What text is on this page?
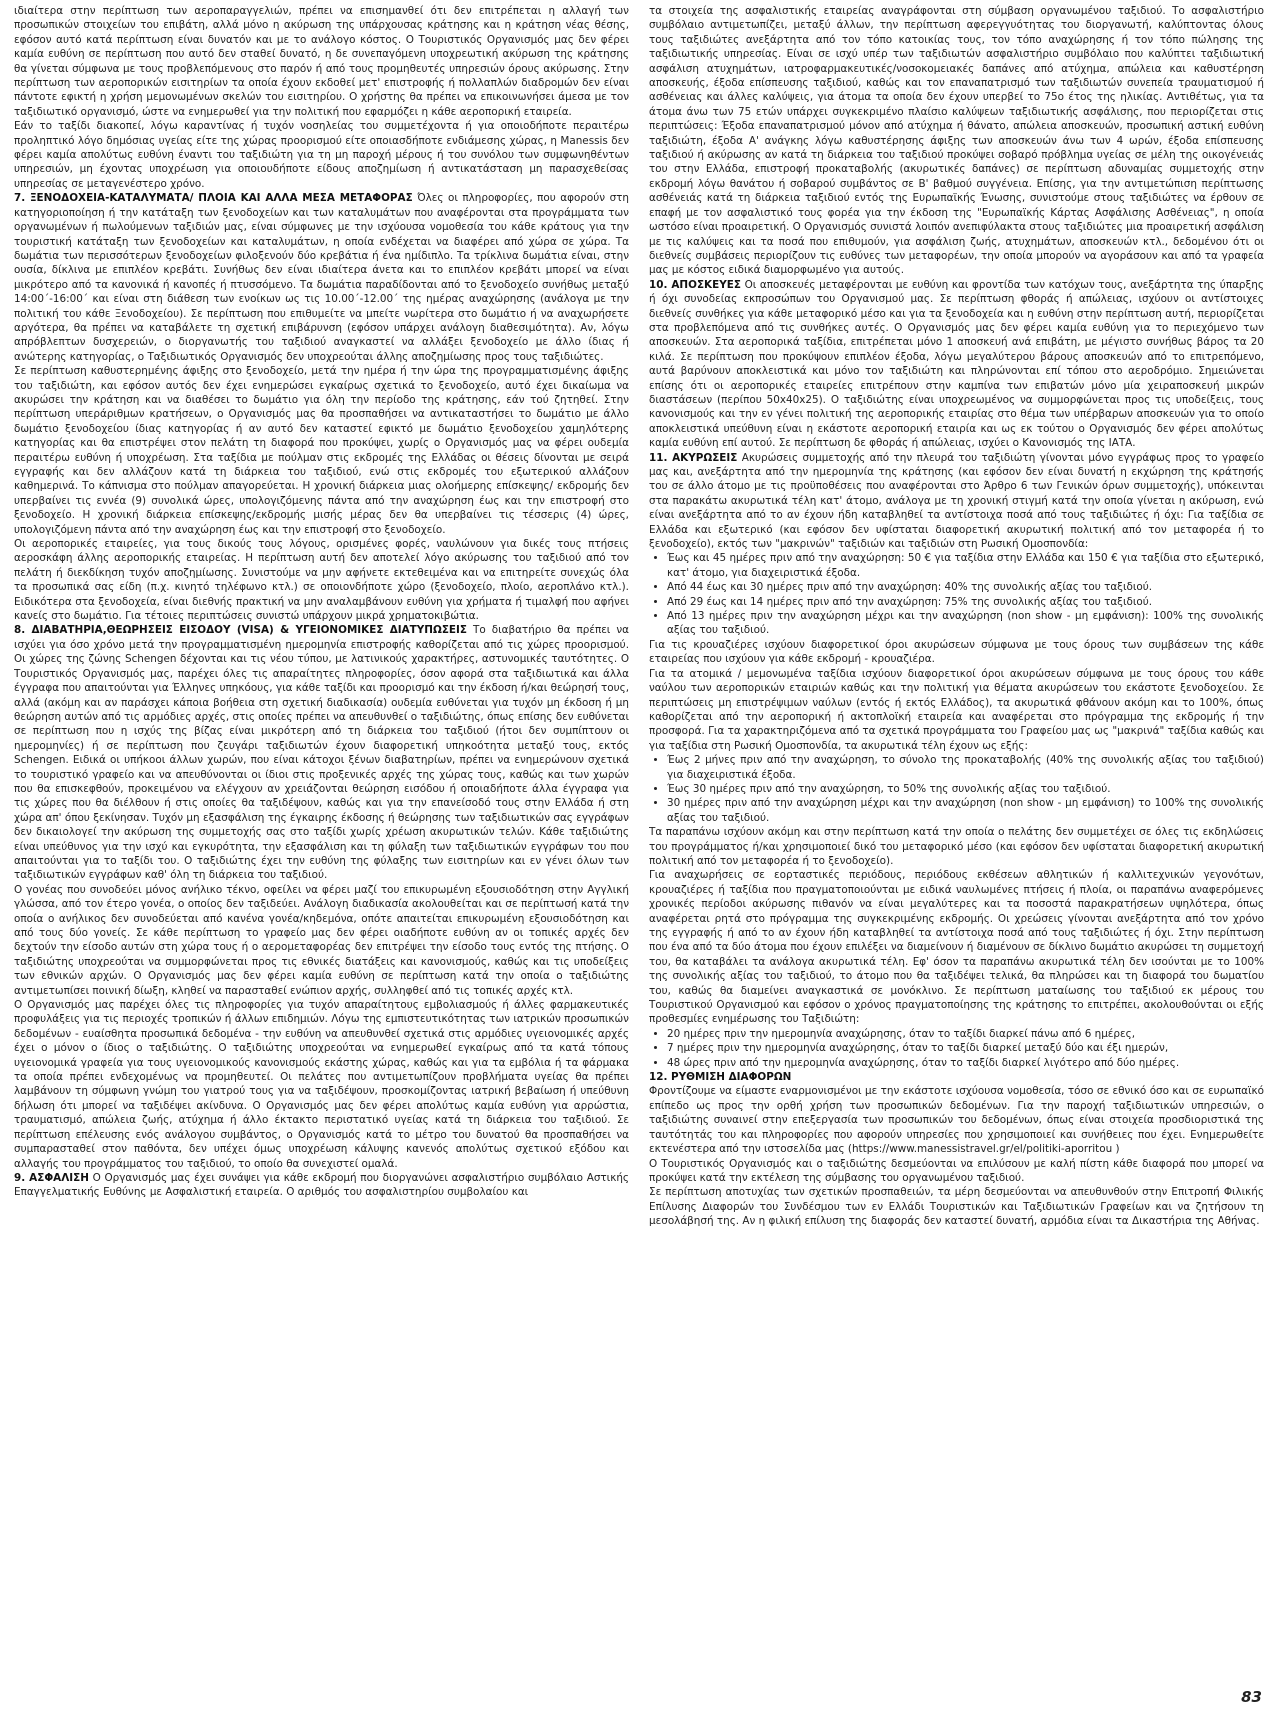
ιδιαίτερα στην περίπτωση των αεροπαραγγελιών, πρέπει να επισημανθεί ότι δεν επιτρέπεται η αλλαγή των προσωπικών στοιχείων του επιβάτη, αλλά μόνο η ακύρωση της υπάρχουσας κράτησης και η κράτηση νέας θέσης, εφόσον αυτό κατά περίπτωση είναι δυνατόν και με το ανάλογο κόστος. Ο Τουριστικός Οργανισμός μας δεν φέρει καμία ευθύνη σε περίπτωση που αυτό δεν σταθεί δυνατό, η δε συνεπαγόμενη υποχρεωτική ακύρωση της κράτησης θα γίνεται σύμφωνα με τους προβλεπόμενους στο παρόν ή από τους προμηθευτές υπηρεσιών όρους ακύρωσης. Στην περίπτωση των αεροπορικών εισιτηρίων τα οποία έχουν εκδοθεί μετ' επιστροφής ή πολλαπλών διαδρομών δεν είναι πάντοτε εφικτή η χρήση μεμονωμένων σκελών του εισιτηρίου. Ο χρήστης θα πρέπει να επικοινωνήσει άμεσα με τον ταξιδιωτικό οργανισμό, ώστε να ενημερωθεί για την πολιτική που εφαρμόζει η κάθε αεροπορική εταιρεία.

Εάν το ταξίδι διακοπεί, λόγω καραντίνας ή τυχόν νοσηλείας του συμμετέχοντα ή για οποιοδήποτε περαιτέρω προληπτικό λόγο δημόσιας υγείας είτε της χώρας προορισμού είτε οποιασδήποτε ενδιάμεσης χώρας, η Manessis δεν φέρει καμία απολύτως ευθύνη έναντι του ταξιδιώτη για τη μη παροχή μέρους ή του συνόλου των συμφωνηθέντων υπηρεσιών, μη έχοντας υποχρέωση για οποιουδήποτε είδους αποζημίωση ή αντικατάσταση μη παρασχεθείσας υπηρεσίας σε μεταγενέστερο χρόνο.

7. ΞΕΝΟΔΟΧΕΙΑ-ΚΑΤΑΛΥΜΑΤΑ/ ΠΛΟΙΑ ΚΑΙ ΑΛΛΑ ΜΕΣΑ ΜΕΤΑΦΟΡΑΣ Όλες οι πληροφορίες, που αφορούν στη κατηγοριοποίηση ή την κατάταξη των ξενοδοχείων και των καταλυμάτων που αναφέρονται στα προγράμματα των οργανωμένων ή πωλούμενων ταξιδιών μας, είναι σύμφωνες με την ισχύουσα νομοθεσία του κάθε κράτους για την τουριστική κατάταξη των ξενοδοχείων και καταλυμάτων, η οποία ενδέχεται να διαφέρει από χώρα σε χώρα. Τα δωμάτια των περισσότερων ξενοδοχείων φιλοξενούν δύο κρεβάτια ή ένα ημίδιπλο. Τα τρίκλινα δωμάτια είναι, στην ουσία, δίκλινα με επιπλέον κρεβάτι. Συνήθως δεν είναι ιδιαίτερα άνετα και το επιπλέον κρεβάτι μπορεί να είναι μικρότερο από τα κανονικά ή κανοπές ή πτυσσόμενο. Τα δωμάτια παραδίδονται από το ξενοδοχείο συνήθως μεταξύ 14:00΄-16:00΄ και είναι στη διάθεση των ενοίκων ως τις 10.00΄-12.00΄ της ημέρας αναχώρησης (ανάλογα με την πολιτική του κάθε Ξενοδοχείου). Σε περίπτωση που επιθυμείτε να μπείτε νωρίτερα στο δωμάτιο ή να αναχωρήσετε αργότερα, θα πρέπει να καταβάλετε τη σχετική επιβάρυνση (εφόσον υπάρχει ανάλογη διαθεσιμότητα). Αν, λόγω απρόβλεπτων δυσχερειών, ο διοργανωτής του ταξιδιού αναγκαστεί να αλλάξει ξενοδοχείο με άλλο ίδιας ή ανώτερης κατηγορίας, ο Ταξιδιωτικός Οργανισμός δεν υποχρεούται άλλης αποζημίωσης προς τους ταξιδιώτες.

Σε περίπτωση καθυστερημένης άφιξης στο ξενοδοχείο, μετά την ημέρα ή την ώρα της προγραμματισμένης άφιξης του ταξιδιώτη, και εφόσον αυτός δεν έχει ενημερώσει εγκαίρως σχετικά το ξενοδοχείο, αυτό έχει δικαίωμα να ακυρώσει την κράτηση και να διαθέσει το δωμάτιο για όλη την περίοδο της κράτησης, εάν τού ζητηθεί. Στην περίπτωση υπεράριθμων κρατήσεων, ο Οργανισμός μας θα προσπαθήσει να αντικαταστήσει το δωμάτιο με άλλο δωμάτιο ξενοδοχείου ίδιας κατηγορίας ή αν αυτό δεν καταστεί εφικτό με δωμάτιο ξενοδοχείου χαμηλότερης κατηγορίας και θα επιστρέψει στον πελάτη τη διαφορά που προκύψει, χωρίς ο Οργανισμός μας να φέρει ουδεμία περαιτέρω ευθύνη ή υποχρέωση. Στα ταξίδια με πούλμαν στις εκδρομές της Ελλάδας οι θέσεις δίνονται με σειρά εγγραφής και δεν αλλάζουν κατά τη διάρκεια του ταξιδιού, ενώ στις εκδρομές του εξωτερικού αλλάζουν καθημερινά. Το κάπνισμα στο πούλμαν απαγορεύεται. Η χρονική διάρκεια μιας ολοήμερης επίσκεψης/ εκδρομής δεν υπερβαίνει τις εννέα (9) συνολικά ώρες, υπολογιζόμενης πάντα από την αναχώρηση έως και την επιστροφή στο ξενοδοχείο. Η χρονική διάρκεια επίσκεψης/εκδρομής μισής μέρας δεν θα υπερβαίνει τις τέσσερις (4) ώρες, υπολογιζόμενη πάντα από την αναχώρηση έως και την επιστροφή στο ξενοδοχείο.

Οι αεροπορικές εταιρείες, για τους δικούς τους λόγους, ορισμένες φορές, ναυλώνουν για δικές τους πτήσεις αεροσκάφη άλλης αεροπορικής εταιρείας. Η περίπτωση αυτή δεν αποτελεί λόγο ακύρωσης του ταξιδιού από τον πελάτη ή διεκδίκηση τυχόν αποζημίωσης. Συνιστούμε να μην αφήνετε εκτεθειμένα και να επιτηρείτε συνεχώς όλα τα προσωπικά σας είδη (π.χ. κινητό τηλέφωνο κτλ.) σε οποιονδήποτε χώρο (ξενοδοχείο, πλοίο, αεροπλάνο κτλ.). Ειδικότερα στα ξενοδοχεία, είναι διεθνής πρακτική να μην αναλαμβάνουν ευθύνη για χρήματα ή τιμαλφή που αφήνει κανείς στο δωμάτιο. Για τέτοιες περιπτώσεις συνιστώ υπάρχουν μικρά χρηματοκιβώτια.

8. ΔΙΑΒΑΤΗΡΙΑ,ΘΕΩΡΗΣΕΙΣ ΕΙΣΟΔΟΥ (VISA) & ΥΓΕΙΟΝΟΜΙΚΕΣ ΔΙΑΤΥΠΩΣΕΙΣ Το διαβατήριο θα πρέπει να ισχύει για όσο χρόνο μετά την προγραμματισμένη ημερομηνία επιστροφής καθορίζεται από τις χώρες προορισμού. Οι χώρες της ζώνης Schengen δέχονται και τις νέου τύπου, με λατινικούς χαρακτήρες, αστυνομικές ταυτότητες. Ο Τουριστικός Οργανισμός μας, παρέχει όλες τις απαραίτητες πληροφορίες, όσον αφορά στα ταξιδιωτικά και άλλα έγγραφα που απαιτούνται για Έλληνες υπηκόους, για κάθε ταξίδι και προορισμό και την έκδοση ή/και θεώρησή τους, αλλά (ακόμη και αν παράσχει κάποια βοήθεια στη σχετική διαδικασία) ουδεμία ευθύνεται για τυχόν μη έκδοση ή μη θεώρηση αυτών από τις αρμόδιες αρχές, στις οποίες πρέπει να απευθυνθεί ο ταξιδιώτης, όπως επίσης δεν ευθύνεται σε περίπτωση που η ισχύς της βίζας είναι μικρότερη από τη διάρκεια του ταξιδιού (ήτοι δεν συμπίπτουν οι ημερομηνίες) ή σε περίπτωση που ζευγάρι ταξιδιωτών έχουν διαφορετική υπηκοότητα μεταξύ τους, εκτός Schengen. Ειδικά οι υπήκοοι άλλων χωρών, που είναι κάτοχοι ξένων διαβατηρίων, πρέπει να ενημερώνουν σχετικά το τουριστικό γραφείο και να απευθύνονται οι ίδιοι στις προξενικές αρχές της χώρας τους, καθώς και των χωρών που θα επισκεφθούν, προκειμένου να ελέγχουν αν χρειάζονται θεώρηση εισόδου ή οποιαδήποτε άλλα έγγραφα για τις χώρες που θα διέλθουν ή στις οποίες θα ταξιδέψουν, καθώς και για την επανείσοδό τους στην Ελλάδα ή στη χώρα απ' όπου ξεκίνησαν. Τυχόν μη εξασφάλιση της έγκαιρης έκδοσης ή θεώρησης των ταξιδιωτικών σας εγγράφων δεν δικαιολογεί την ακύρωση της συμμετοχής σας στο ταξίδι χωρίς χρέωση ακυρωτικών τελών. Κάθε ταξιδιώτης είναι υπεύθυνος για την ισχύ και εγκυρότητα, την εξασφάλιση και τη φύλαξη των ταξιδιωτικών εγγράφων του που απαιτούνται για το ταξίδι του. Ο ταξιδιώτης έχει την ευθύνη της φύλαξης των εισιτηρίων και εν γένει όλων των ταξιδιωτικών εγγράφων καθ' όλη τη διάρκεια του ταξιδιού.

Ο γονέας που συνοδεύει μόνος ανήλικο τέκνο, οφείλει να φέρει μαζί του επικυρωμένη εξουσιοδότηση στην Αγγλική γλώσσα, από τον έτερο γονέα, ο οποίος δεν ταξιδεύει. Ανάλογη διαδικασία ακολουθείται και σε περίπτωσή κατά την οποία ο ανήλικος δεν συνοδεύεται από κανένα γονέα/κηδεμόνα, οπότε απαιτείται επικυρωμένη εξουσιοδότηση και από τους δύο γονείς. Σε κάθε περίπτωση το γραφείο μας δεν φέρει οιαδήποτε ευθύνη αν οι τοπικές αρχές δεν δεχτούν την είσοδο αυτών στη χώρα τους ή ο αερομεταφορέας δεν επιτρέψει την είσοδο τους εντός της πτήσης. Ο ταξιδιώτης υποχρεούται να συμμορφώνεται προς τις εθνικές διατάξεις και κανονισμούς, καθώς και τις υποδείξεις των εθνικών αρχών. Ο Οργανισμός μας δεν φέρει καμία ευθύνη σε περίπτωση κατά την οποία ο ταξιδιώτης αντιμετωπίσει ποινική δίωξη, κληθεί να παρασταθεί ενώπιον αρχής, συλληφθεί από τις τοπικές αρχές κτλ.

Ο Οργανισμός μας παρέχει όλες τις πληροφορίες για τυχόν απαραίτητους εμβολιασμούς ή άλλες φαρμακευτικές προφυλάξεις για τις περιοχές τροπικών ή άλλων επιδημιών. Λόγω της εμπιστευτικότητας των ιατρικών προσωπικών δεδομένων - ευαίσθητα προσωπικά δεδομένα - την ευθύνη να απευθυνθεί σχετικά στις αρμόδιες υγειονομικές αρχές έχει ο μόνον ο ίδιος ο ταξιδιώτης. Ο ταξιδιώτης υποχρεούται να ενημερωθεί εγκαίρως από τα κατά τόπους υγειονομικά γραφεία για τους υγειονομικούς κανονισμούς εκάστης χώρας, καθώς και για τα εμβόλια ή τα φάρμακα τα οποία πρέπει ενδεχομένως να προμηθευτεί. Οι πελάτες που αντιμετωπίζουν προβλήματα υγείας θα πρέπει λαμβάνουν τη σύμφωνη γνώμη του γιατρού τους για να ταξιδέψουν, προσκομίζοντας ιατρική βεβαίωση ή υπεύθυνη δήλωση ότι μπορεί να ταξιδέψει ακίνδυνα. Ο Οργανισμός μας δεν φέρει απολύτως καμία ευθύνη για αρρώστια, τραυματισμό, απώλεια ζωής, ατύχημα ή άλλο έκτακτο περιστατικό υγείας κατά τη διάρκεια του ταξιδιού. Σε περίπτωση επέλευσης ενός ανάλογου συμβάντος, ο Οργανισμός κατά το μέτρο του δυνατού θα προσπαθήσει να συμπαρασταθεί στον παθόντα, δεν υπέχει όμως υποχρέωση κάλυψης κανενός απολύτως σχετικού εξόδου και αλλαγής του προγράμματος του ταξιδιού, το οποίο θα συνεχιστεί ομαλά.

9. ΑΣΦΑΛΙΣΗ Ο Οργανισμός μας έχει συνάψει για κάθε εκδρομή που διοργανώνει ασφαλιστήριο συμβόλαιο Αστικής Επαγγελματικής Ευθύνης με Ασφαλιστική εταιρεία. Ο αριθμός του ασφαλιστηρίου συμβολαίου και

τα στοιχεία της ασφαλιστικής εταιρείας αναγράφονται στη σύμβαση οργανωμένου ταξιδιού. Το ασφαλιστήριο συμβόλαιο αντιμετωπίζει, μεταξύ άλλων, την περίπτωση αφερεγγυότητας του διοργανωτή, καλύπτοντας όλους τους ταξιδιώτες ανεξάρτητα από τον τόπο κατοικίας τους, τον τόπο αναχώρησης ή τον τόπο πώλησης της ταξιδιωτικής υπηρεσίας. Είναι σε ισχύ υπέρ των ταξιδιωτών ασφαλιστήριο συμβόλαιο που καλύπτει ταξιδιωτική ασφάλιση ατυχημάτων, ιατροφαρμακευτικές/νοσοκομειακές δαπάνες από ατύχημα, απώλεια και καθυστέρηση αποσκευής, έξοδα επίσπευσης ταξιδιού, καθώς και τον επαναπατρισμό των ταξιδιωτών συνεπεία τραυματισμού ή ασθένειας και άλλες καλύψεις, για άτομα τα οποία δεν έχουν υπερβεί το 75ο έτος της ηλικίας. Αντιθέτως, για τα άτομα άνω των 75 ετών υπάρχει συγκεκριμένο πλαίσιο καλύψεων ταξιδιωτικής ασφάλισης, που περιορίζεται στις περιπτώσεις: Έξοδα επαναπατρισμού μόνον από ατύχημα ή θάνατο, απώλεια αποσκευών, προσωπική αστική ευθύνη ταξιδιώτη, έξοδα Α' ανάγκης λόγω καθυστέρησης άφιξης των αποσκευών άνω των 4 ωρών, έξοδα επίσπευσης ταξιδιού ή ακύρωσης αν κατά τη διάρκεια του ταξιδιού προκύψει σοβαρό πρόβλημα υγείας σε μέλη της οικογένειάς του στην Ελλάδα, επιστροφή προκαταβολής (ακυρωτικές δαπάνες) σε περίπτωση αδυναμίας συμμετοχής στην εκδρομή λόγω θανάτου ή σοβαρού συμβάντος σε Β' βαθμού συγγένεια. Επίσης, για την αντιμετώπιση περίπτωσης ασθένειάς κατά τη διάρκεια ταξιδιού εντός της Ευρωπαϊκής Ένωσης, συνιστούμε στους ταξιδιώτες να έρθουν σε επαφή με τον ασφαλιστικό τους φορέα για την έκδοση της "Ευρωπαϊκής Κάρτας Ασφάλισης Ασθένειας", η οποία ωστόσο είναι προαιρετική. Ο Οργανισμός συνιστά λοιπόν ανεπιφύλακτα στους ταξιδιώτες μια προαιρετική ασφάλιση με τις καλύψεις και τα ποσά που επιθυμούν, για ασφάλιση ζωής, ατυχημάτων, αποσκευών κτλ., δεδομένου ότι οι διεθνείς συμβάσεις περιορίζουν τις ευθύνες των μεταφορέων, την οποία μπορούν να αγοράσουν και από τα γραφεία μας με κόστος ειδικά διαμορφωμένο για αυτούς.

10. ΑΠΟΣΚΕΥΕΣ Οι αποσκευές μεταφέρονται με ευθύνη και φροντίδα των κατόχων τους, ανεξάρτητα της ύπαρξης ή όχι συνοδείας εκπροσώπων του Οργανισμού μας. Σε περίπτωση φθοράς ή απώλειας, ισχύουν οι αντίστοιχες διεθνείς συνθήκες για κάθε μεταφορικό μέσο και για τα ξενοδοχεία και η ευθύνη στην περίπτωση αυτή, περιορίζεται στα προβλεπόμενα από τις συνθήκες αυτές. Ο Οργανισμός μας δεν φέρει καμία ευθύνη για το περιεχόμενο των αποσκευών. Στα αεροπορικά ταξίδια, επιτρέπεται μόνο 1 αποσκευή ανά επιβάτη, με μέγιστο συνήθως βάρος τα 20 κιλά. Σε περίπτωση που προκύψουν επιπλέον έξοδα, λόγω μεγαλύτερου βάρους αποσκευών από το επιτρεπόμενο, αυτά βαρύνουν αποκλειστικά και μόνο τον ταξιδιώτη και πληρώνονται επί τόπου στο αεροδρόμιο. Σημειώνεται επίσης ότι οι αεροπορικές εταιρείες επιτρέπουν στην καμπίνα των επιβατών μόνο μία χειραποσκευή μικρών διαστάσεων (περίπου 50x40x25). Ο ταξιδιώτης είναι υποχρεωμένος να συμμορφώνεται προς τις υποδείξεις, τους κανονισμούς και την εν γένει πολιτική της αεροπορικής εταιρίας στο θέμα των υπέρβαρων αποσκευών για το οποίο αποκλειστικά υπεύθυνη είναι η εκάστοτε αεροπορική εταιρία και ως εκ τούτου ο Οργανισμός δεν φέρει απολύτως καμία ευθύνη επί αυτού. Σε περίπτωση δε φθοράς ή απώλειας, ισχύει ο Κανονισμός της ΙΑΤΑ.

11. ΑΚΥΡΩΣΕΙΣ Ακυρώσεις συμμετοχής από την πλευρά του ταξιδιώτη γίνονται μόνο εγγράφως προς το γραφείο μας και, ανεξάρτητα από την ημερομηνία της κράτησης (και εφόσον δεν είναι δυνατή η εκχώρηση της κράτησής του σε άλλο άτομο με τις προϋποθέσεις που αναφέρονται στο Άρθρο 6 των Γενικών όρων συμμετοχής), υπόκεινται στα παρακάτω ακυρωτικά τέλη κατ' άτομο, ανάλογα με τη χρονική στιγμή κατά την οποία γίνεται η ακύρωση, ενώ είναι ανεξάρτητα από το αν έχουν ήδη καταβληθεί τα αντίστοιχα ποσά από τους ταξιδιώτες ή όχι: Για ταξίδια σε Ελλάδα και εξωτερικό (και εφόσον δεν υφίσταται διαφορετική ακυρωτική πολιτική από τον μεταφορέα ή το ξενοδοχείο), εκτός των "μακρινών" ταξιδιών και ταξιδιών στη Ρωσική Ομοσπονδία:

• Έως και 45 ημέρες πριν από την αναχώρηση: 50 € για ταξίδια στην Ελλάδα και 150 € για ταξίδια στο εξωτερικό, κατ' άτομο, για διαχειριστικά έξοδα.
• Από 44 έως και 30 ημέρες πριν από την αναχώρηση: 40% της συνολικής αξίας του ταξιδιού.
• Από 29 έως και 14 ημέρες πριν από την αναχώρηση: 75% της συνολικής αξίας του ταξιδιού.
• Από 13 ημέρες πριν την αναχώρηση μέχρι και την αναχώρηση (non show - μη εμφάνιση): 100% της συνολικής αξίας του ταξιδιού.

Για τις κρουαζιέρες ισχύουν διαφορετικοί όροι ακυρώσεων σύμφωνα με τους όρους των συμβάσεων της κάθε εταιρείας που ισχύουν για κάθε εκδρομή - κρουαζιέρα.

Για τα ατομικά / μεμονωμένα ταξίδια ισχύουν διαφορετικοί όροι ακυρώσεων σύμφωνα με τους όρους του κάθε ναύλου των αεροπορικών εταιριών καθώς και την πολιτική για θέματα ακυρώσεων του εκάστοτε ξενοδοχείου. Σε περιπτώσεις μη επιστρέψιμων ναύλων (εντός ή εκτός Ελλάδος), τα ακυρωτικά φθάνουν ακόμη και το 100%, όπως καθορίζεται από την αεροπορική ή ακτοπλοϊκή εταιρεία και αναφέρεται στο πρόγραμμα της εκδρομής ή την προσφορά. Για τα χαρακτηριζόμενα από τα σχετικά προγράμματα του Γραφείου μας ως "μακρινά" ταξίδια καθώς και για ταξίδια στη Ρωσική Ομοσπονδία, τα ακυρωτικά τέλη έχουν ως εξής:

• Έως 2 μήνες πριν από την αναχώρηση, το σύνολο της προκαταβολής (40% της συνολικής αξίας του ταξιδιού) για διαχειριστικά έξοδα.
• Έως 30 ημέρες πριν από την αναχώρηση, το 50% της συνολικής αξίας του ταξιδιού.
• 30 ημέρες πριν από την αναχώρηση μέχρι και την αναχώρηση (non show - μη εμφάνιση) το 100% της συνολικής αξίας του ταξιδιού.

Τα παραπάνω ισχύουν ακόμη και στην περίπτωση κατά την οποία ο πελάτης δεν συμμετέχει σε όλες τις εκδηλώσεις του προγράμματος ή/και χρησιμοποιεί δικό του μεταφορικό μέσο (και εφόσον δεν υφίσταται διαφορετική ακυρωτική πολιτική από τον μεταφορέα ή το ξενοδοχείο).

Για αναχωρήσεις σε εορταστικές περιόδους, περιόδους εκθέσεων αθλητικών ή καλλιτεχνικών γεγονότων, κρουαζιέρες ή ταξίδια που πραγματοποιούνται με ειδικά ναυλωμένες πτήσεις ή πλοία, οι παραπάνω αναφερόμενες χρονικές περίοδοι ακύρωσης πιθανόν να είναι μεγαλύτερες και τα ποσοστά παρακρατήσεων υψηλότερα, όπως αναφέρεται ρητά στο πρόγραμμα της συγκεκριμένης εκδρομής. Οι χρεώσεις γίνονται ανεξάρτητα από τον χρόνο της εγγραφής ή από το αν έχουν ήδη καταβληθεί τα αντίστοιχα ποσά από τους ταξιδιώτες ή όχι. Στην περίπτωση που ένα από τα δύο άτομα που έχουν επιλέξει να διαμείνουν ή διαμένουν σε δίκλινο δωμάτιο ακυρώσει τη συμμετοχή του, θα καταβάλει τα ανάλογα ακυρωτικά τέλη. Εφ' όσον τα παραπάνω ακυρωτικά τέλη δεν ισούνται με το 100% της συνολικής αξίας του ταξιδιού, το άτομο που θα ταξιδέψει τελικά, θα πληρώσει και τη διαφορά του δωματίου του, καθώς θα διαμείνει αναγκαστικά σε μονόκλινο. Σε περίπτωση ματαίωσης του ταξιδιού εκ μέρους του Τουριστικού Οργανισμού και εφόσον ο χρόνος πραγματοποίησης της κράτησης το επιτρέπει, ακολουθούνται οι εξής προθεσμίες ενημέρωσης του Ταξιδιώτη:

• 20 ημέρες πριν την ημερομηνία αναχώρησης, όταν το ταξίδι διαρκεί πάνω από 6 ημέρες,
• 7 ημέρες πριν την ημερομηνία αναχώρησης, όταν το ταξίδι διαρκεί μεταξύ δύο και έξι ημερών,
• 48 ώρες πριν από την ημερομηνία αναχώρησης, όταν το ταξίδι διαρκεί λιγότερο από δύο ημέρες.

12. ΡΥΘΜΙΣΗ ΔΙΑΦΟΡΩΝ

Φροντίζουμε να είμαστε εναρμονισμένοι με την εκάστοτε ισχύουσα νομοθεσία, τόσο σε εθνικό όσο και σε ευρωπαϊκό επίπεδο ως προς την ορθή χρήση των προσωπικών δεδομένων. Για την παροχή ταξιδιωτικών υπηρεσιών, ο ταξιδιώτης συναινεί στην επεξεργασία των προσωπικών του δεδομένων, όπως είναι στοιχεία προσδιοριστικά της ταυτότητάς του και πληροφορίες που αφορούν υπηρεσίες που χρησιμοποιεί και συνήθειες που έχει. Ενημερωθείτε εκτενέστερα από την ιστοσελίδα μας (https://www.manessistravel.gr/el/politiki-aporritou )

Ο Τουριστικός Οργανισμός και ο ταξιδιώτης δεσμεύονται να επιλύσουν με καλή πίστη κάθε διαφορά που μπορεί να προκύψει κατά την εκτέλεση της σύμβασης του οργανωμένου ταξιδιού.

Σε περίπτωση αποτυχίας των σχετικών προσπαθειών, τα μέρη δεσμεύονται να απευθυνθούν στην Επιτροπή Φιλικής Επίλυσης Διαφορών του Συνδέσμου των εν Ελλάδι Τουριστικών και Ταξιδιωτικών Γραφείων και να ζητήσουν τη μεσολάβησή της. Αν η φιλική επίλυση της διαφοράς δεν καταστεί δυνατή, αρμόδια είναι τα Δικαστήρια της Αθήνας.

83
